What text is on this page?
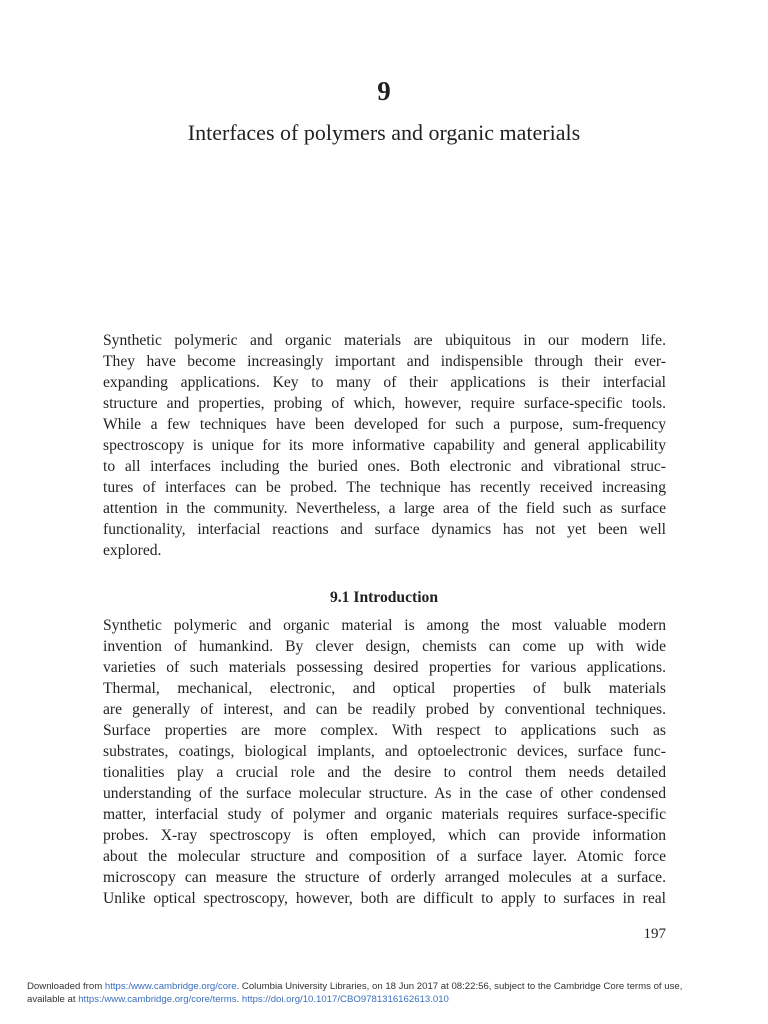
9
Interfaces of polymers and organic materials
Synthetic polymeric and organic materials are ubiquitous in our modern life.
They have become increasingly important and indispensible through their ever-
expanding applications. Key to many of their applications is their interfacial
structure and properties, probing of which, however, require surface-specific tools.
While a few techniques have been developed for such a purpose, sum-frequency
spectroscopy is unique for its more informative capability and general applicability
to all interfaces including the buried ones. Both electronic and vibrational struc-
tures of interfaces can be probed. The technique has recently received increasing
attention in the community. Nevertheless, a large area of the field such as surface
functionality, interfacial reactions and surface dynamics has not yet been well
explored.
9.1 Introduction
Synthetic polymeric and organic material is among the most valuable modern
invention of humankind. By clever design, chemists can come up with wide
varieties of such materials possessing desired properties for various applications.
Thermal, mechanical, electronic, and optical properties of bulk materials
are generally of interest, and can be readily probed by conventional techniques.
Surface properties are more complex. With respect to applications such as
substrates, coatings, biological implants, and optoelectronic devices, surface func-
tionalities play a crucial role and the desire to control them needs detailed
understanding of the surface molecular structure. As in the case of other condensed
matter, interfacial study of polymer and organic materials requires surface-specific
probes. X-ray spectroscopy is often employed, which can provide information
about the molecular structure and composition of a surface layer. Atomic force
microscopy can measure the structure of orderly arranged molecules at a surface.
Unlike optical spectroscopy, however, both are difficult to apply to surfaces in real
197
Downloaded from https:/www.cambridge.org/core. Columbia University Libraries, on 18 Jun 2017 at 08:22:56, subject to the Cambridge Core terms of use,
available at https:/www.cambridge.org/core/terms. https://doi.org/10.1017/CBO9781316162613.010
